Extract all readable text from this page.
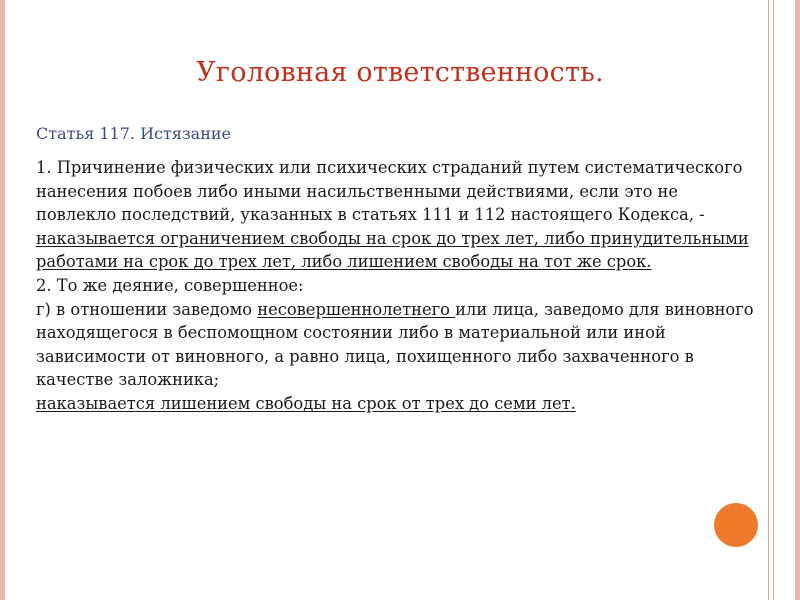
Уголовная ответственность.
Статья 117. Истязание

1. Причинение физических или психических страданий путем систематического нанесения побоев либо иными насильственными действиями, если это не повлекло последствий, указанных в статьях 111 и 112 настоящего Кодекса, -

наказывается ограничением свободы на срок до трех лет, либо принудительными работами на срок до трех лет, либо лишением свободы на тот же срок.

2. То же деяние, совершенное:

г) в отношении заведомо несовершеннолетнего или лица, заведомо для виновного находящегося в беспомощном состоянии либо в материальной или иной зависимости от виновного, а равно лица, похищенного либо захваченного в качестве заложника;

наказывается лишением свободы на срок от трех до семи лет.
